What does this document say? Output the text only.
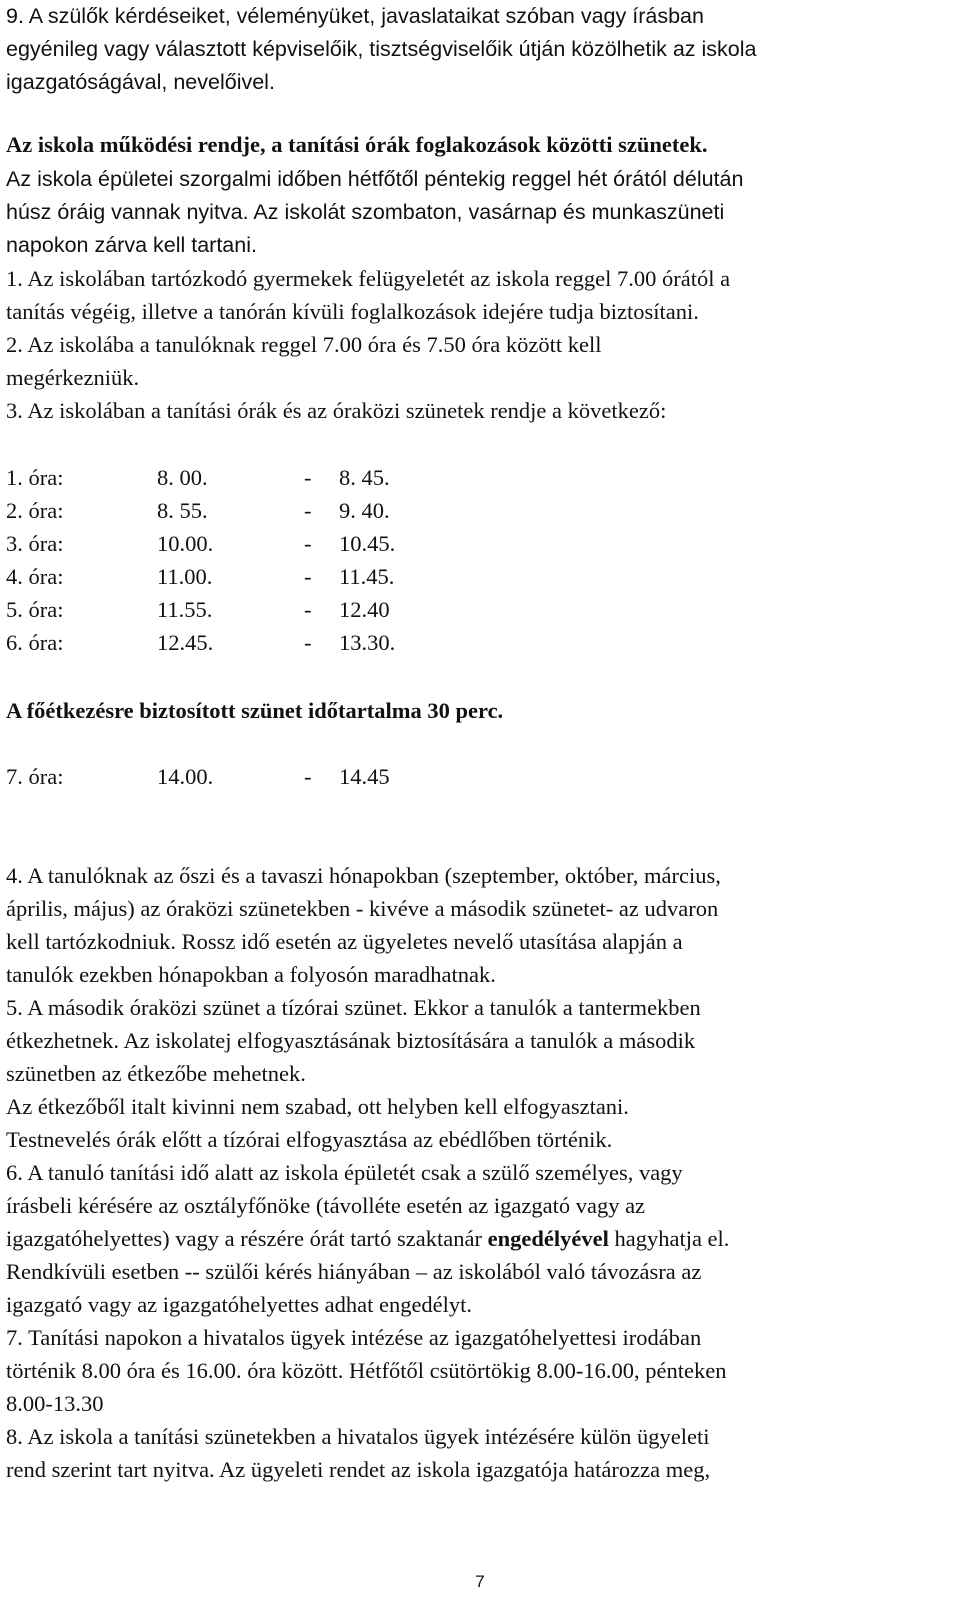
9. A szülők kérdéseiket, véleményüket, javaslataikat szóban vagy írásban
egyénileg vagy választott képviselőik, tisztségviselőik útján közölhetik az iskola
igazgatóságával, nevelőivel.
Az iskola működési rendje, a tanítási órák foglakozások közötti szünetek.
Az iskola épületei szorgalmi időben hétfőtől péntekig reggel hét órától délután
húsz óráig vannak nyitva. Az iskolát szombaton, vasárnap és munkaszüneti
napokon zárva kell tartani.
1. Az iskolában tartózkodó gyermekek felügyeletét az iskola reggel 7.00 órától a
tanítás végéig, illetve a tanórán kívüli foglalkozások idejére tudja biztosítani.
2. Az iskolába a tanulóknak reggel 7.00 óra és 7.50 óra között kell
megérkezniük.
3. Az iskolában a tanítási órák és az óraközi szünetek rendje a következő:
1. óra:	8. 00.	- 8. 45.
2. óra:	8. 55.	- 9. 40.
3. óra:	10.00.	- 10.45.
4. óra:	11.00.	- 11.45.
5. óra:	11.55.	- 12.40
6. óra:	12.45.	- 13.30.
A főétkezésre biztosított szünet időtartalma 30 perc.
7. óra:	14.00.	- 14.45
4. A tanulóknak az őszi és a tavaszi hónapokban (szeptember, október, március,
április, május) az óraközi szünetekben - kivéve a második szünetet- az udvaron
kell tartózkodniuk. Rossz idő esetén az ügyeletes nevelő utasítása alapján a
tanulók ezekben hónapokban a folyosón maradhatnak.
5. A második óraközi szünet a tízórai szünet. Ekkor a tanulók a tantermekben
étkezhetnek. Az iskolatej elfogyasztásának biztosítására a tanulók a második
szünetben az étkezőbe mehetnek.
Az étkezőből italt kivinni nem szabad, ott helyben kell elfogyasztani.
Testnevelés órák előtt a tízórai elfogyasztása az ebédlőben történik.
6. A tanuló tanítási idő alatt az iskola épületét csak a szülő személyes, vagy
írásbeli kérésére az osztályfőnöke (távolléte esetén az igazgató vagy az
igazgatóhelyettes) vagy a részére órát tartó szaktanár engedélyével hagyhatja el.
Rendkívüli esetben -- szülői kérés hiányában – az iskolából való távozásra az
igazgató vagy az igazgatóhelyettes adhat engedélyt.
7. Tanítási napokon a hivatalos ügyek intézése az igazgatóhelyettesi irodában
történik 8.00 óra és 16.00. óra között. Hétfőtől csütörtökig 8.00-16.00, pénteken
8.00-13.30
8. Az iskola a tanítási szünetekben a hivatalos ügyek intézésére külön ügyeleti
rend szerint tart nyitva. Az ügyeleti rendet az iskola igazgatója határozza meg,
7
